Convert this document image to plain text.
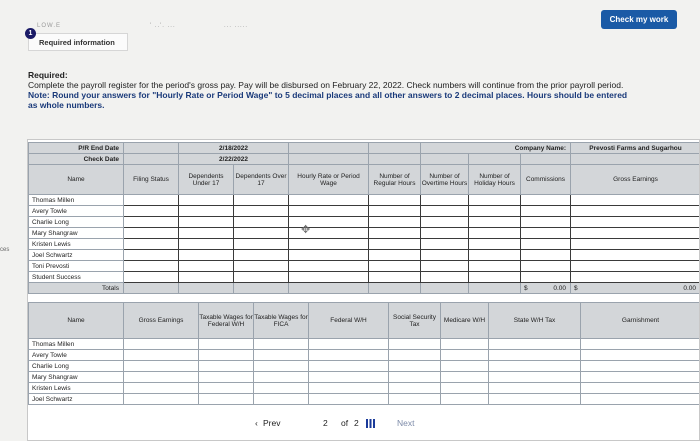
LOW.E	' ..'. ...	... .....
Check my work
Required information
1
ces
Required:
Complete the payroll register for the period's gross pay. Pay will be disbursed on February 22, 2022. Check numbers will continue from the prior payroll period.
Note: Round your answers for "Hourly Rate or Period Wage" to 5 decimal places and all other answers to 2 decimal places. Hours should be entered as whole numbers.
P/R End Date		2/18/2022				Company Name:			Prevosti Farms and Sugarhou
Check Date		2/22/2022							
Name	Filing Status	Dependents Under 17	Dependents Over 17	Hourly Rate or Period Wage	Number of Regular Hours	Number of Overtime Hours	Number of Holiday Hours	Commissions	Gross Earnings
Thomas Millen									
Avery Towle									
Charlie Long									
Mary Shangraw									
Kristen Lewis									
Joel Schwartz									
Toni Prevosti									
Student Success									
Totals								$ 0.00	$ 0.00
Name	Gross Earnings	Taxable Wages for Federal W/H	Taxable Wages for FICA	Federal W/H	Social Security Tax	Medicare W/H	State W/H Tax	Garnishment
Thomas Millen								
Avery Towle								
Charlie Long								
Mary Shangraw								
Kristen Lewis								
Joel Schwartz								
✥
‹ Prev	2 of 2	Next
